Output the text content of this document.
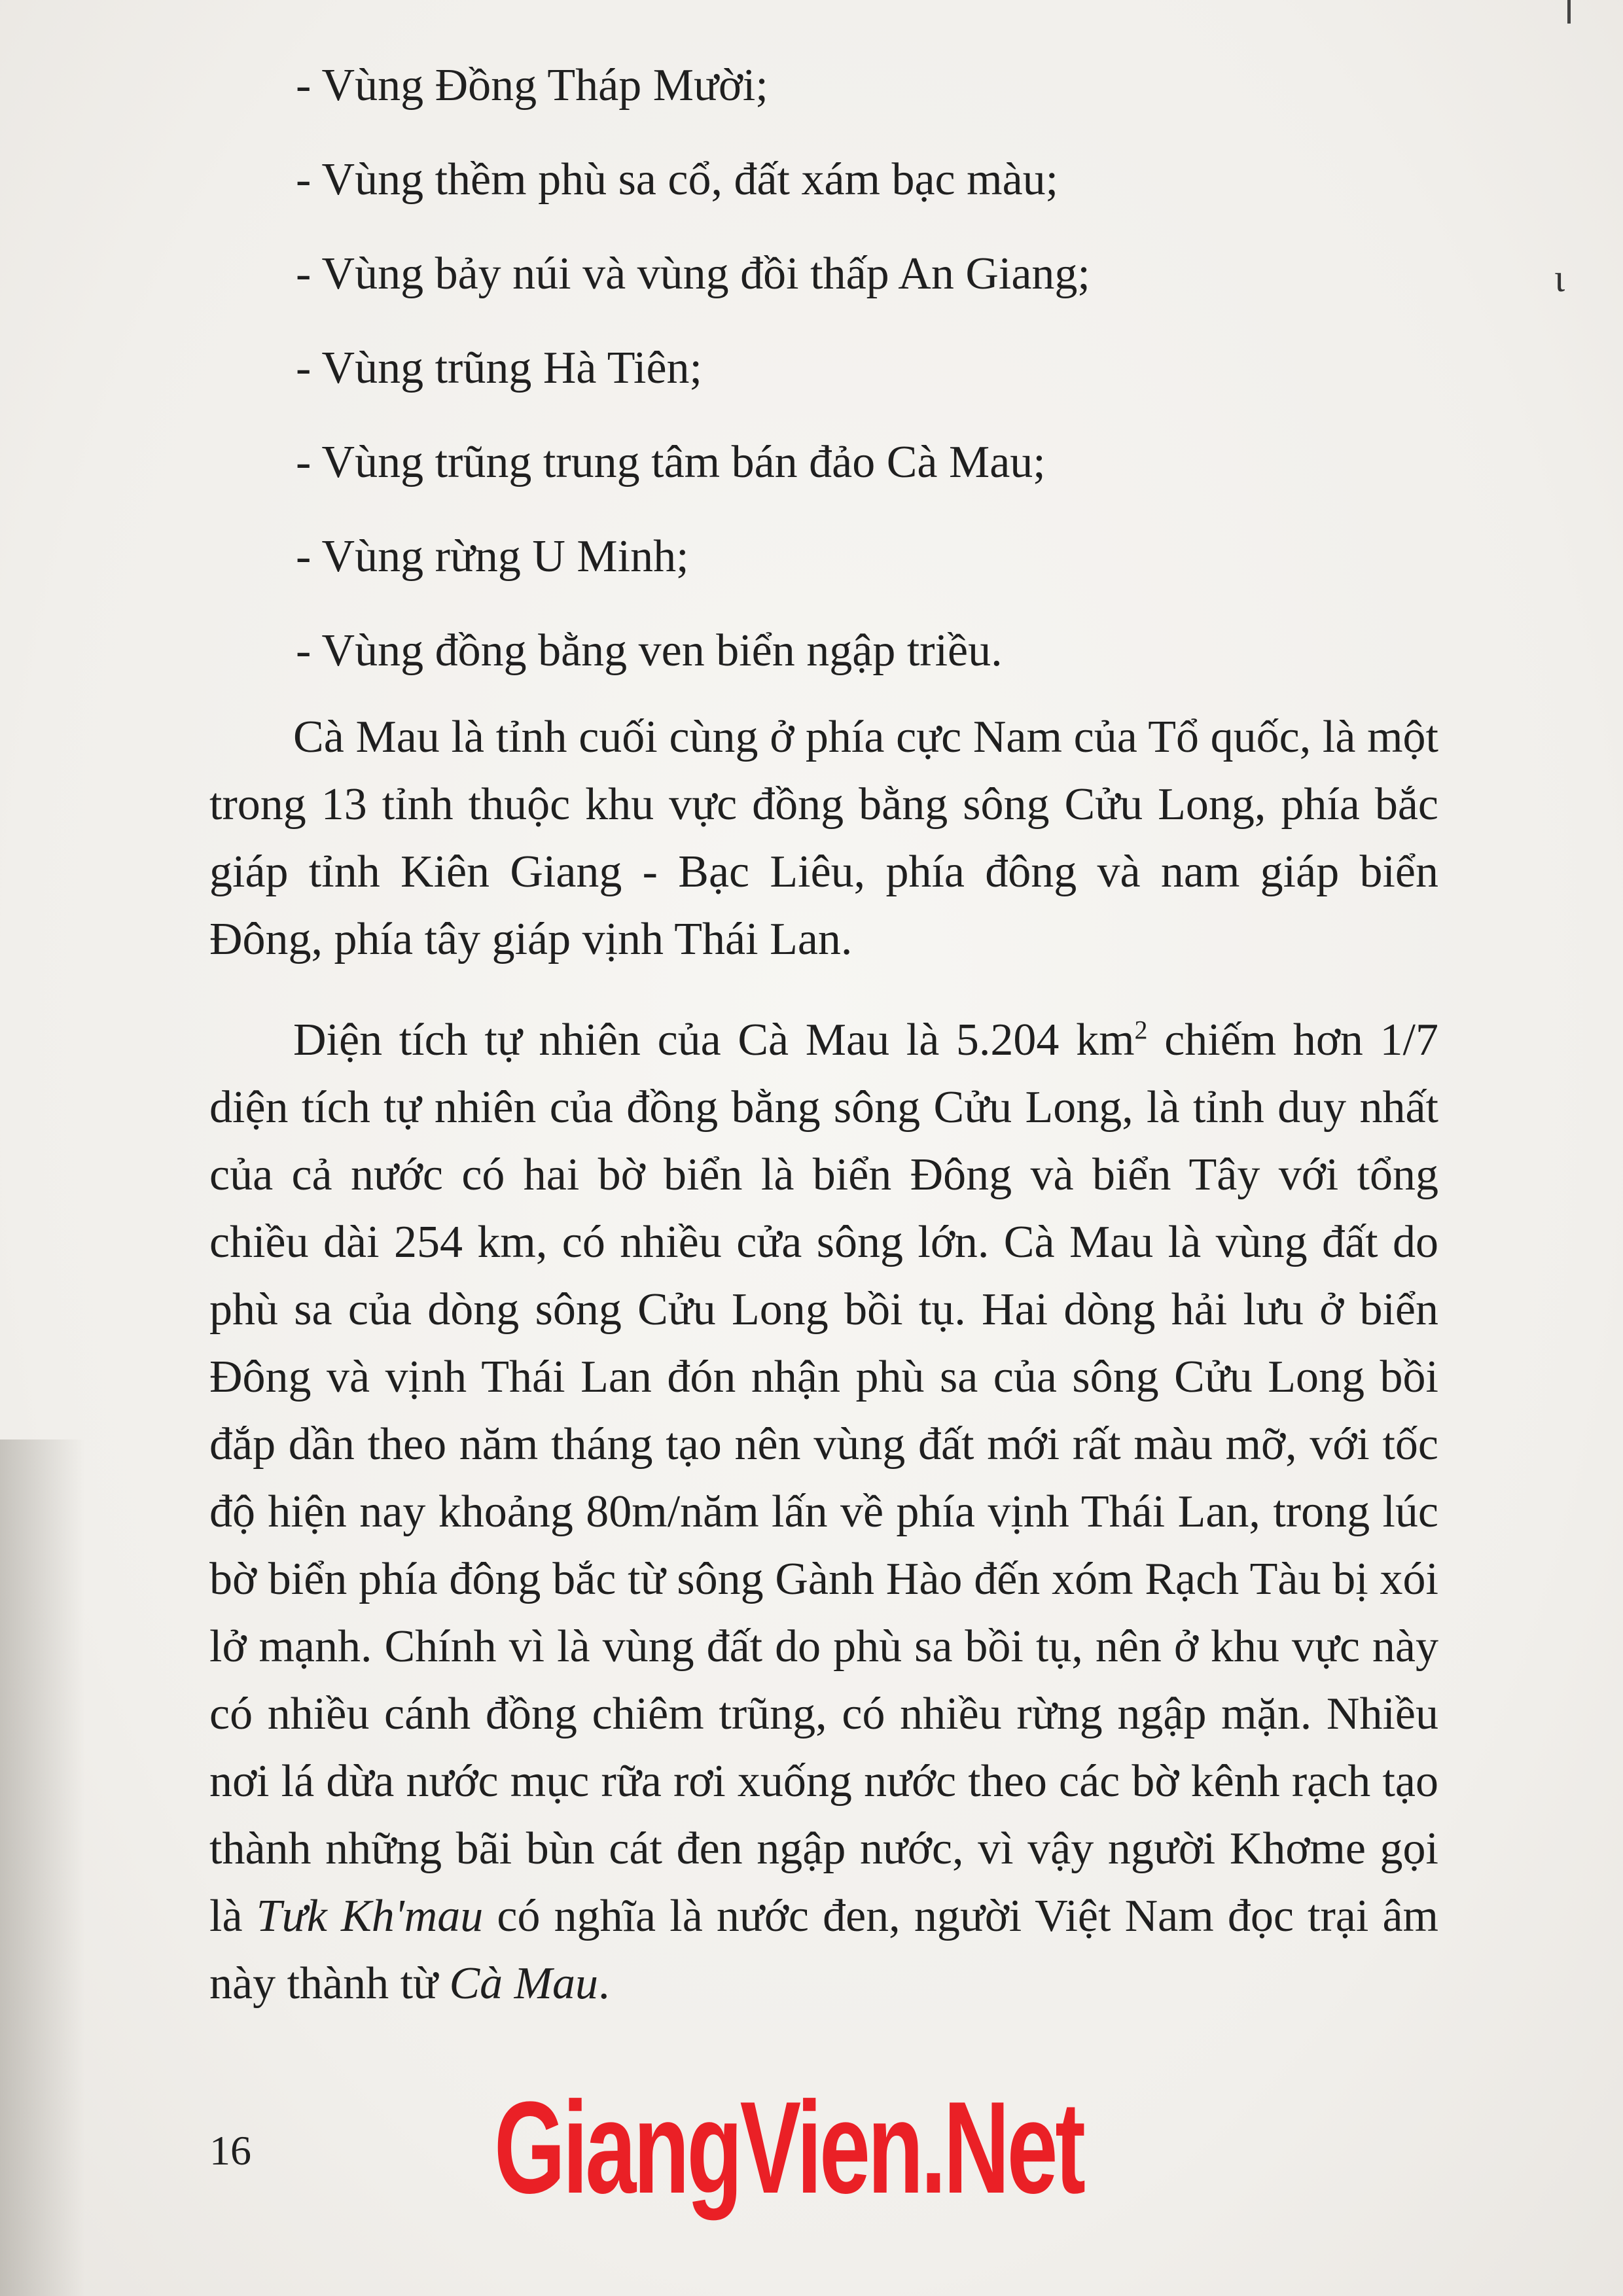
ɩ
- Vùng Đồng Tháp Mười;
- Vùng thềm phù sa cổ, đất xám bạc màu;
- Vùng bảy núi và vùng đồi thấp An Giang;
- Vùng trũng Hà Tiên;
- Vùng trũng trung tâm bán đảo Cà Mau;
- Vùng rừng U Minh;
- Vùng đồng bằng ven biển ngập triều.

Cà Mau là tỉnh cuối cùng ở phía cực Nam của Tổ quốc, là một trong 13 tỉnh thuộc khu vực đồng bằng sông Cửu Long, phía bắc giáp tỉnh Kiên Giang - Bạc Liêu, phía đông và nam giáp biển Đông, phía tây giáp vịnh Thái Lan.

Diện tích tự nhiên của Cà Mau là 5.204 $km^2$ chiếm hơn 1/7 diện tích tự nhiên của đồng bằng sông Cửu Long, là tỉnh duy nhất của cả nước có hai bờ biển là biển Đông và biển Tây với tổng chiều dài 254 km, có nhiều cửa sông lớn. Cà Mau là vùng đất do phù sa của dòng sông Cửu Long bồi tụ. Hai dòng hải lưu ở biển Đông và vịnh Thái Lan đón nhận phù sa của sông Cửu Long bồi đắp dần theo năm tháng tạo nên vùng đất mới rất màu mỡ, với tốc độ hiện nay khoảng 80m/năm lấn về phía vịnh Thái Lan, trong lúc bờ biển phía đông bắc từ sông Gành Hào đến xóm Rạch Tàu bị xói lở mạnh. Chính vì là vùng đất do phù sa bồi tụ, nên ở khu vực này có nhiều cánh đồng chiêm trũng, có nhiều rừng ngập mặn. Nhiều nơi lá dừa nước mục rữa rơi xuống nước theo các bờ kênh rạch tạo thành những bãi bùn cát đen ngập nước, vì vậy người Khơme gọi là Tưk Kh'mau có nghĩa là nước đen, người Việt Nam đọc trại âm này thành từ Cà Mau.

16 GiangVien.Net
